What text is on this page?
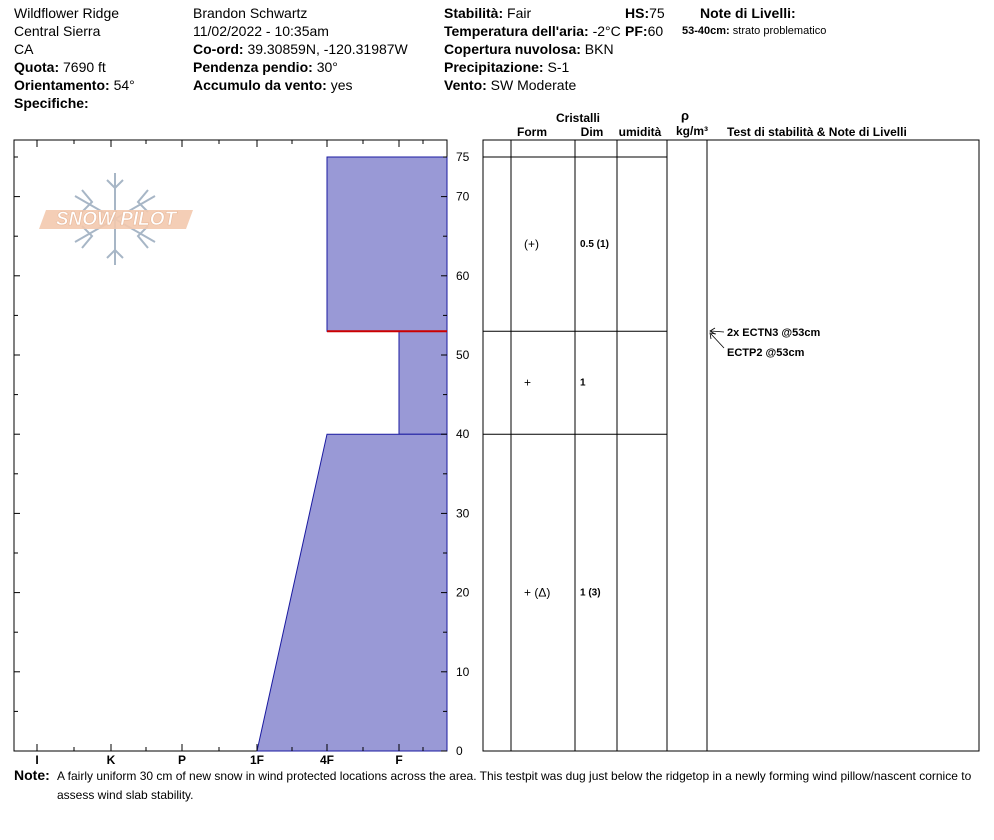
Wildflower Ridge
Central Sierra
CA
Quota: 7690 ft
Orientamento: 54°
Specifiche:
Brandon Schwartz
11/02/2022 - 10:35am
Co-ord: 39.30859N, -120.31987W
Pendenza pendio: 30°
Accumulo da vento: yes
Stabilità: Fair
Temperatura dell'aria: -2°C
Copertura nuvolosa: BKN
Precipitazione: S-1
Vento: SW Moderate
HS:75
PF:60
Note di Livelli:
53-40cm: strato problematico
SNOW PILOT
0
10
20
30
40
50
60
70
75
I	K	P	1F	4F	F
(+)	0.5 (1)
+	1
+ (Δ)	1 (3)
Cristalli
Form	Dim umidità
ρ
kg/m³ Test di stabilità & Note di Livelli
2x ECTN3 @53cm
ECTP2 @53cm
Note: A fairly uniform 30 cm of new snow in wind protected locations across the area. This testpit was dug just below the ridgetop in a newly forming wind pillow/nascent cornice to assess wind slab stability.
